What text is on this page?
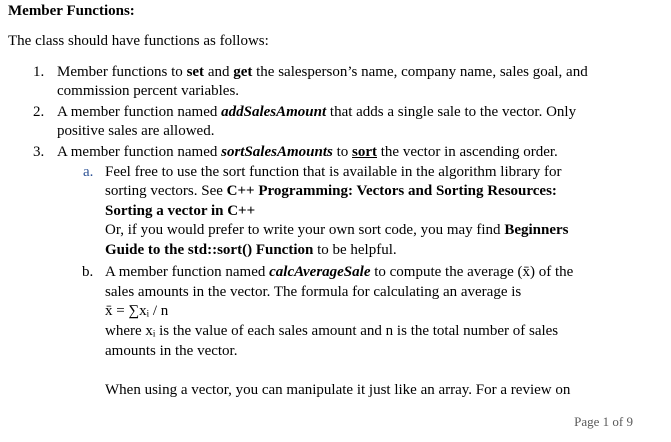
Member Functions:
The class should have functions as follows:
1. Member functions to set and get the salesperson’s name, company name, sales goal, and
commission percent variables.
2. A member function named addSalesAmount that adds a single sale to the vector. Only
positive sales are allowed.
3. A member function named sortSalesAmounts to sort the vector in ascending order.
a. Feel free to use the sort function that is available in the algorithm library for
sorting vectors. See C++ Programming: Vectors and Sorting Resources:
Sorting a vector in C++
Or, if you would prefer to write your own sort code, you may find Beginners
Guide to the std::sort() Function to be helpful.
b. A member function named calcAverageSale to compute the average (x̄) of the
sales amounts in the vector. The formula for calculating an average is
x̄ = ∑xᵢ / n
where xᵢ is the value of each sales amount and n is the total number of sales
amounts in the vector.
When using a vector, you can manipulate it just like an array. For a review on
Page 1 of 9
